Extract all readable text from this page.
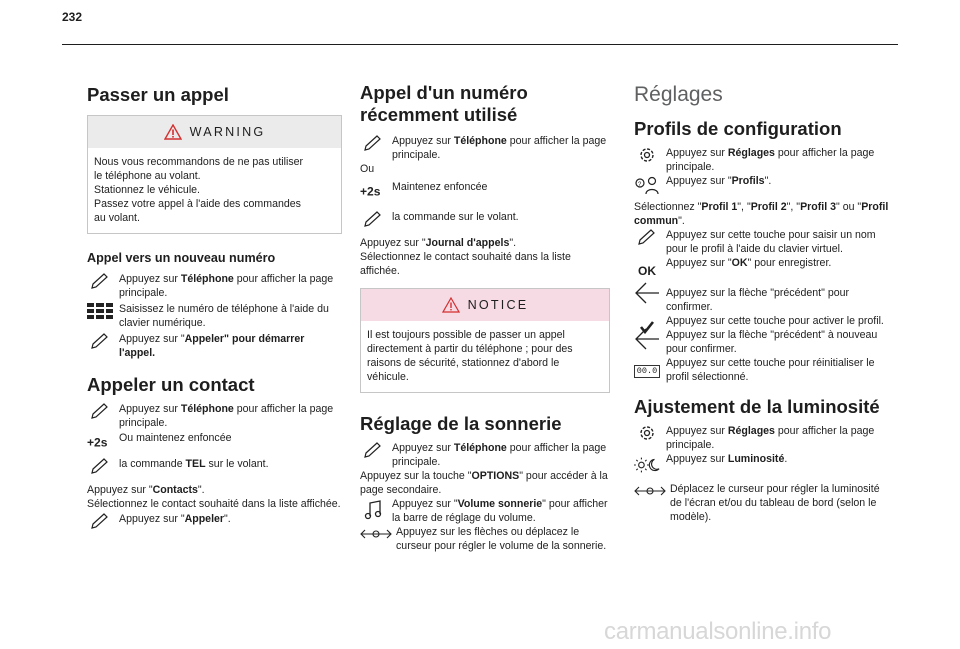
232
Passer un appel
WARNING
Nous vous recommandons de ne pas utiliser
le téléphone au volant.
Stationnez le véhicule.
Passez votre appel à l'aide des commandes
au volant.
Appel vers un nouveau numéro
Appuyez sur Téléphone pour afficher la page principale.
Saisissez le numéro de téléphone à l'aide du clavier numérique.
Appuyez sur "Appeler" pour démarrer l'appel.
Appeler un contact
Appuyez sur Téléphone pour afficher la page principale.
+2s Ou maintenez enfoncée
la commande TEL sur le volant.
Appuyez sur "Contacts".
Sélectionnez le contact souhaité dans la liste affichée.
Appuyez sur "Appeler".
Appel d'un numéro récemment utilisé
Appuyez sur Téléphone pour afficher la page principale.
Ou
+2s Maintenez enfoncée
la commande sur le volant.
Appuyez sur "Journal d'appels".
Sélectionnez le contact souhaité dans la liste affichée.
NOTICE
Il est toujours possible de passer un appel directement à partir du téléphone ; pour des raisons de sécurité, stationnez d'abord le véhicule.
Réglage de la sonnerie
Appuyez sur Téléphone pour afficher la page principale.
Appuyez sur la touche "OPTIONS" pour accéder à la page secondaire.
Appuyez sur "Volume sonnerie" pour afficher la barre de réglage du volume.
Appuyez sur les flèches ou déplacez le curseur pour régler le volume de la sonnerie.
Réglages
Profils de configuration
Appuyez sur Réglages pour afficher la page principale.
? Appuyez sur "Profils".
Sélectionnez "Profil 1", "Profil 2", "Profil 3" ou "Profil commun".
Appuyez sur cette touche pour saisir un nom pour le profil à l'aide du clavier virtuel.
OK
Appuyez sur "OK" pour enregistrer.
Appuyez sur la flèche "précédent" pour confirmer.
Appuyez sur cette touche pour activer le profil.
Appuyez sur la flèche "précédent" à nouveau pour confirmer.
00.0
Appuyez sur cette touche pour réinitialiser le profil sélectionné.
Ajustement de la luminosité
Appuyez sur Réglages pour afficher la page principale.
Appuyez sur Luminosité.
Déplacez le curseur pour régler la luminosité de l'écran et/ou du tableau de bord (selon le modèle).
carmanualsonline.info
